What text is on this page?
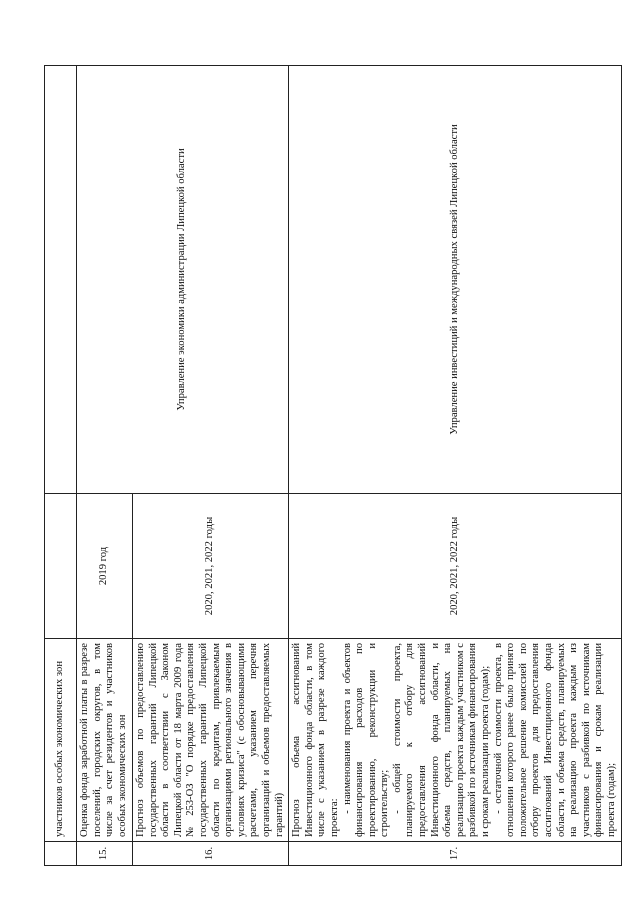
	участников особых экономических зон		
15.	Оценка фонда заработной платы в разрезе поселений, городских округов, в том числе за счет резидентов и участников особых экономических зон	2019 год	Управление экономики администрации Липецкой области
16.	Прогноз объемов по предоставлению государственных гарантий Липецкой области в соответствии с Законом Липецкой области от 18 марта 2009 года № 253-ОЗ "О порядке предоставления государственных гарантий Липецкой области по кредитам, привлекаемым организациями регионального значения в условиях кризиса" (с обосновывающими расчетами, указанием перечня организаций и объемов предоставляемых гарантий)	2020, 2021, 2022 годы	
17.	Прогноз объема ассигнований Инвестиционного фонда области, в том числе с указанием в разрезе каждого проекта:

- наименования проекта и объектов финансирования расходов по проектированию, реконструкции и строительству; - общей стоимости проекта, планируемого к отбору для предоставления ассигнований Инвестиционного фонда области, и объема средств, планируемых на реализацию проекта каждым участником с разбивкой по источникам финансирования и срокам реализации проекта (годам); - остаточной стоимости проекта, в отношении которого ранее было принято положительное решение комиссией по отбору проектов для предоставления ассигнований Инвестиционного фонда области, и объема средств, планируемых на реализацию проекта каждым из участников с разбивкой по источникам финансирования и срокам реализации проекта (годам);	2020, 2021, 2022 годы	Управление инвестиций и международных связей Липецкой области
